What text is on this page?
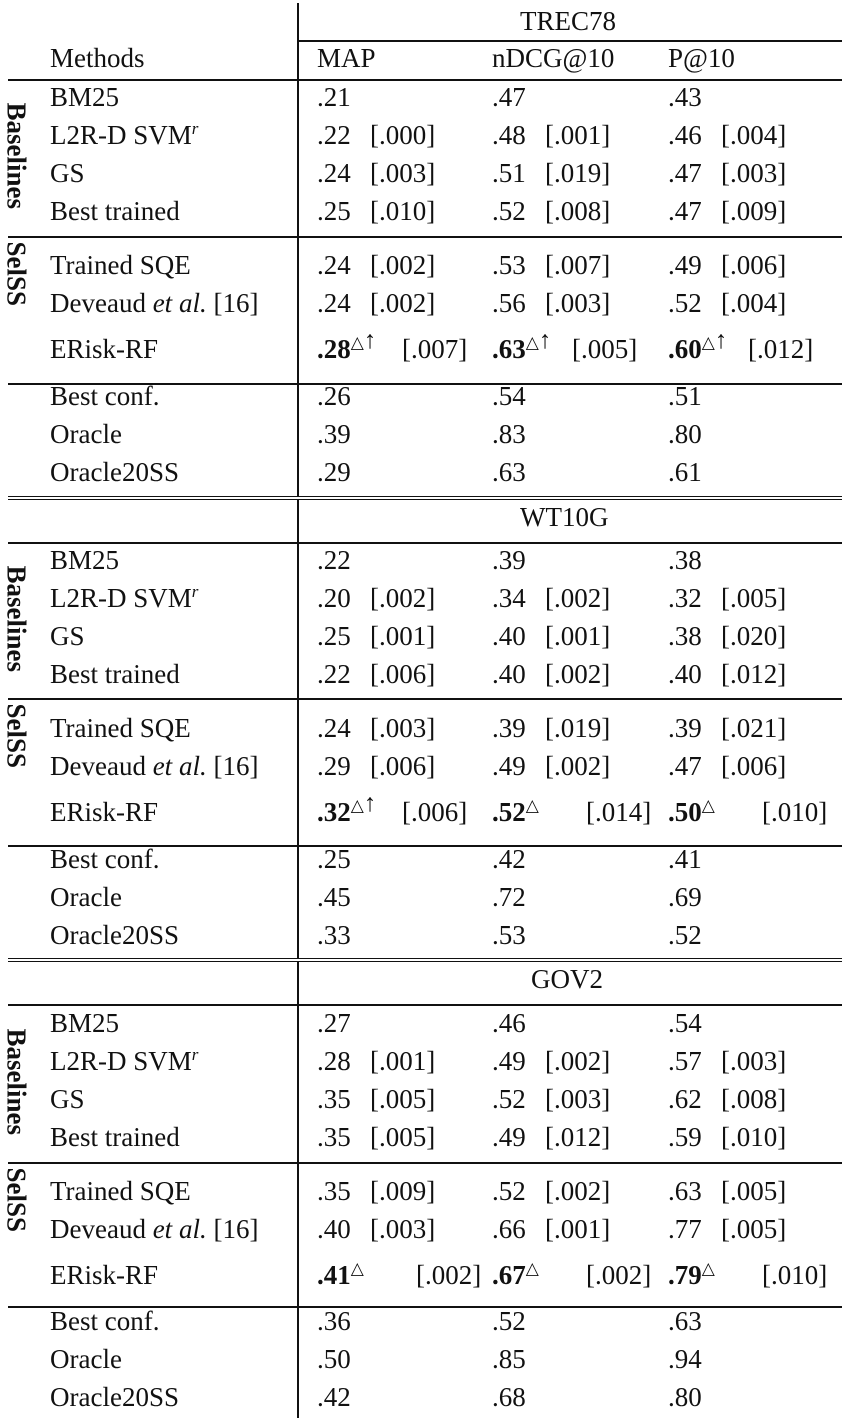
TREC78
Methods	MAP	nDCG@10 P@10
Baselines
SelSS
BM25	.21	.47	.43
L2R-D SVM$^r$	.22 [.000] .48 [.001] .46 [.004]
GS	.24 [.003] .51 [.019] .47 [.003]
Best trained	.25 [.010] .52 [.008] .47 [.009]
Trained SQE	.24 [.002] .53 [.007] .49 [.006]
Deveaud et al. [16] .24 [.002] .56 [.003] .52 [.004]
ERisk-RF	.28△↑ [.007] .63△↑ [.005] .60△↑ [.012]
Best conf.	.26	.54	.51
Oracle	.39	.83	.80
Oracle20SS	.29	.63	.61
WT10G
Baselines
SelSS
BM25	.22	.39	.38
L2R-D SVM$^r$	.20 [.002] .34 [.002] .32 [.005]
GS	.25 [.001] .40 [.001] .38 [.020]
Best trained	.22 [.006] .40 [.002] .40 [.012]
Trained SQE	.24 [.003] .39 [.019] .39 [.021]
Deveaud et al. [16] .29 [.006] .49 [.002] .47 [.006]
ERisk-RF	.32△↑ [.006] .52△ [.014] .50△ [.010]
Best conf.	.25	.42	.41
Oracle	.45	.72	.69
Oracle20SS	.33	.53	.52
GOV2
Baselines
SelSS
BM25	.27	.46	.54
L2R-D SVM$^r$	.28 [.001] .49 [.002] .57 [.003]
GS	.35 [.005] .52 [.003] .62 [.008]
Best trained	.35 [.005] .49 [.012] .59 [.010]
Trained SQE	.35 [.009] .52 [.002] .63 [.005]
Deveaud et al. [16] .40 [.003] .66 [.001] .77 [.005]
ERisk-RF	.41△ [.002] .67△ [.002] .79△ [.010]
Best conf.	.36	.52	.63
Oracle	.50	.85	.94
Oracle20SS	.42	.68	.80
